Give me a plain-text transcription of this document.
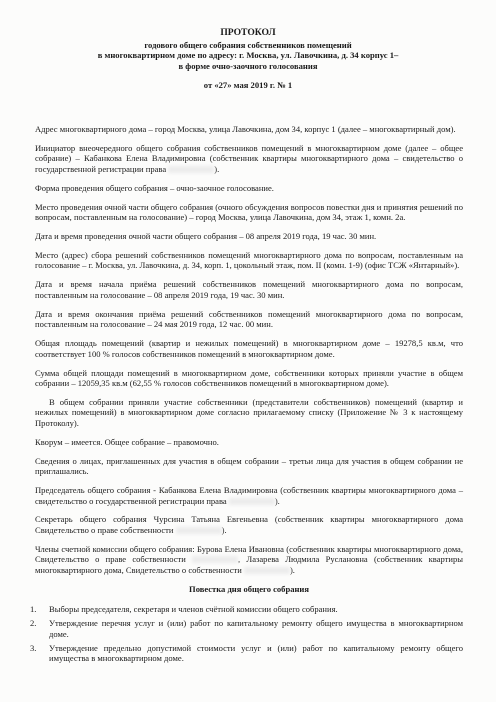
ПРОТОКОЛ
годового общего собрания собственников помещений
в многоквартирном доме по адресу: г. Москва, ул. Лавочкина, д. 34 корпус 1–
в форме очно-заочного голосования
от «27» мая 2019 г. № 1

Адрес многоквартирного дома – город Москва, улица Лавочкина, дом 34, корпус 1 (далее – многоквартирный дом).

Инициатор внеочередного общего собрания собственников помещений в многоквартирном доме (далее – общее собрание) – Кабанкова Елена Владимировна (собственник квартиры многоквартирного дома – свидетельство о государственной регистрации права	).

Форма проведения общего собрания – очно-заочное голосование.

Место проведения очной части общего собрания (очного обсуждения вопросов повестки дня и принятия решений по вопросам, поставленным на голосование) – город Москва, улица Лавочкина, дом 34, этаж 1, комн. 2а.

Дата и время проведения очной части общего собрания – 08 апреля 2019 года, 19 час. 30 мин.

Место (адрес) сбора решений собственников помещений многоквартирного дома по вопросам, поставленным на голосование – г. Москва, ул. Лавочкина, д. 34, корп. 1, цокольный этаж, пом. II (комн. 1-9) (офис ТСЖ «Янтарный»).

Дата и время начала приёма решений собственников помещений многоквартирного дома по вопросам, поставленным на голосование – 08 апреля 2019 года, 19 час. 30 мин.

Дата и время окончания приёма решений собственников помещений многоквартирного дома по вопросам, поставленным на голосование – 24 мая 2019 года, 12 час. 00 мин.

Общая площадь помещений (квартир и нежилых помещений) в многоквартирном доме – 19278,5 кв.м, что соответствует 100 % голосов собственников помещений в многоквартирном доме.

Сумма общей площади помещений в многоквартирном доме, собственники которых приняли участие в общем собрании – 12059,35 кв.м (62,55 % голосов собственников помещений в многоквартирном доме).

В общем собрании приняли участие собственники (представители собственников) помещений (квартир и нежилых помещений) в многоквартирном доме согласно прилагаемому списку (Приложение № 3 к настоящему Протоколу).

Кворум – имеется. Общее собрание – правомочно.

Сведения о лицах, приглашенных для участия в общем собрании – третьи лица для участия в общем собрании не приглашались.

Председатель общего собрания - Кабанкова Елена Владимировна (собственник квартиры многоквартирного дома – свидетельство о государственной регистрации права	).

Секретарь общего собрания Чурсина Татьяна Евгеньевна (собственник квартиры многоквартирного дома Свидетельство о праве собственности	).

Члены счетной комиссии общего собрания: Бурова Елена Ивановна (собственник квартиры многоквартирного дома, Свидетельство о праве собственности	, Лазарева Людмила Руслановна (собственник квартиры многоквартирного дома, Свидетельство о собственности	).

Повестка дня общего собрания
1. Выборы председателя, секретаря и членов счётной комиссии общего собрания.
2. Утверждение перечня услуг и (или) работ по капитальному ремонту общего имущества в многоквартирном доме.
3. Утверждение предельно допустимой стоимости услуг и (или) работ по капитальному ремонту общего имущества в многоквартирном доме.
